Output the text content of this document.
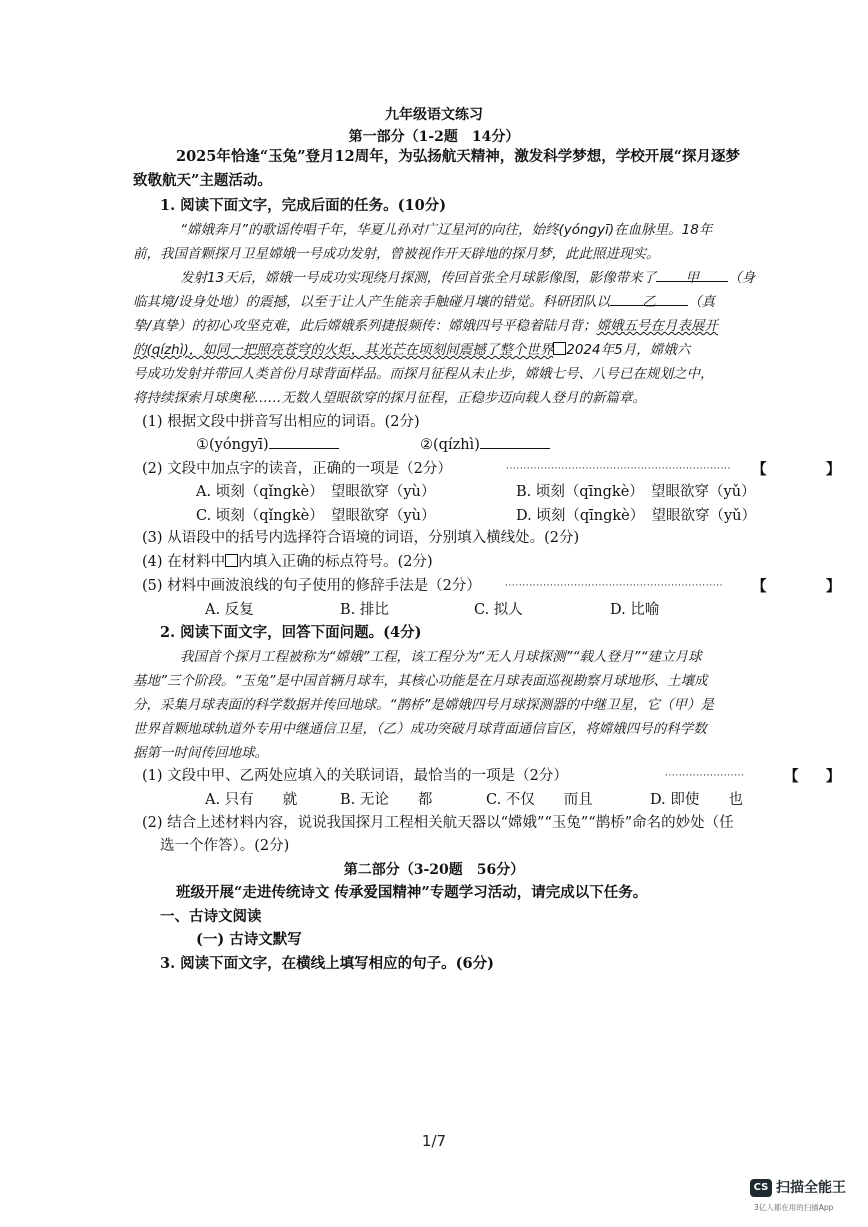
九年级语文练习
第一部分（1-2题　14分）
2025年恰逢“玉兔”登月12周年，为弘扬航天精神，激发科学梦想，学校开展“探月逐梦
致敬航天”主题活动。
1. 阅读下面文字，完成后面的任务。(10分)
“嫦娥奔月”的歌谣传唱千年，华夏儿孙对广辽星河的向往，始终(yóngyī)在血脉里。18年
前，我国首颗探月卫星嫦娥一号成功发射，曾被视作开天辟地的探月梦，此此照进现实。
发射13天后，嫦娥一号成功实现绕月探测，传回首张全月球影像图，影像带来了 甲 （身
临其境/设身处地）的震撼，以至于让人产生能亲手触碰月壤的错觉。科研团队以 乙 （真
挚/真挚）的初心攻坚克难，此后嫦娥系列捷报频传：嫦娥四号平稳着陆月背；嫦娥五号在月表展开
的(qízhì)，如同一把照亮苍穹的火炬，其光芒在顷刻间震撼了整个世界 2024年5月，嫦娥六
号成功发射并带回人类首份月球背面样品。而探月征程从未止步，嫦娥七号、八号已在规划之中，
将持续探索月球奥秘……无数人望眼欲穿的探月征程，正稳步迈向载人登月的新篇章。
(1) 根据文段中拼音写出相应的词语。(2分)
①(yóngyī)	②(qízhì)
(2) 文段中加点字的读音，正确的一项是（2分）	································································· 【	】
A. 顷刻（qǐngkè）　望眼欲穿（yù）	B. 顷刻（qīngkè）　望眼欲穿（yǔ）
C. 顷刻（qǐngkè）　望眼欲穿（yù）	D. 顷刻（qīngkè）　望眼欲穿（yǔ）
(3) 从语段中的括号内选择符合语境的词语，分别填入横线处。(2分)
(4) 在材料中 内填入正确的标点符号。(2分)
(5) 材料中画波浪线的句子使用的修辞手法是（2分）	······························································· 【	】
A. 反复	B. 排比	C. 拟人	D. 比喻
2. 阅读下面文字，回答下面问题。(4分)
我国首个探月工程被称为“嫦娥”工程，该工程分为“无人月球探测”“载人登月”“建立月球
基地”三个阶段。“玉兔”是中国首辆月球车，其核心功能是在月球表面巡视勘察月球地形、土壤成
分，采集月球表面的科学数据并传回地球。“鹊桥”是嫦娥四号月球探测器的中继卫星，它（甲）是
世界首颗地球轨道外专用中继通信卫星，（乙）成功突破月球背面通信盲区，将嫦娥四号的科学数
据第一时间传回地球。
(1) 文段中甲、乙两处应填入的关联词语，最恰当的一项是（2分）	·······················	【 】
A. 只有　　就	B. 无论　　都	C. 不仅　　而且	D. 即使　　也
(2) 结合上述材料内容，说说我国探月工程相关航天器以“嫦娥”“玉兔”“鹊桥”命名的妙处（任
选一个作答）。(2分)
第二部分（3-20题　56分）
班级开展“走进传统诗文 传承爱国精神”专题学习活动，请完成以下任务。
一、古诗文阅读
(一) 古诗文默写
3. 阅读下面文字，在横线上填写相应的句子。(6分)
1/7
CS 扫描全能王
3亿人都在用的扫描App
